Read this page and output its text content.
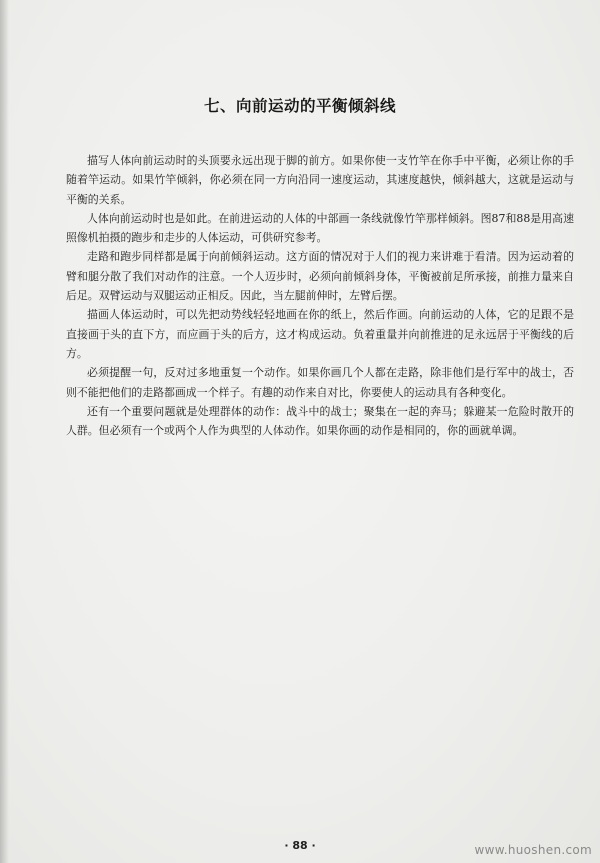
七、向前运动的平衡倾斜线

描写人体向前运动时的头顶要永远出现于脚的前方。如果你使一支竹竿在你手中平衡，必须让你的手随着竿运动。如果竹竿倾斜，你必须在同一方向沿同一速度运动，其速度越快，倾斜越大，这就是运动与平衡的关系。

人体向前运动时也是如此。在前进运动的人体的中部画一条线就像竹竿那样倾斜。图87和88是用高速照像机拍摄的跑步和走步的人体运动，可供研究参考。

走路和跑步同样都是属于向前倾斜运动。这方面的情况对于人们的视力来讲难于看清。因为运动着的臂和腿分散了我们对动作的注意。一个人迈步时，必须向前倾斜身体，平衡被前足所承接，前推力量来自后足。双臂运动与双腿运动正相反。因此，当左腿前伸时，左臂后摆。

描画人体运动时，可以先把动势线轻轻地画在你的纸上，然后作画。向前运动的人体，它的足跟不是直接画于头的直下方，而应画于头的后方，这才构成运动。负着重量并向前推进的足永远居于平衡线的后方。

必须提醒一句，反对过多地重复一个动作。如果你画几个人都在走路，除非他们是行军中的战士，否则不能把他们的走路都画成一个样子。有趣的动作来自对比，你要使人的运动具有各种变化。

还有一个重要问题就是处理群体的动作：战斗中的战士；聚集在一起的奔马；躲避某一危险时散开的人群。但必须有一个或两个人作为典型的人体动作。如果你画的动作是相同的，你的画就单调。

· 88 ·	www.huoshen.com
